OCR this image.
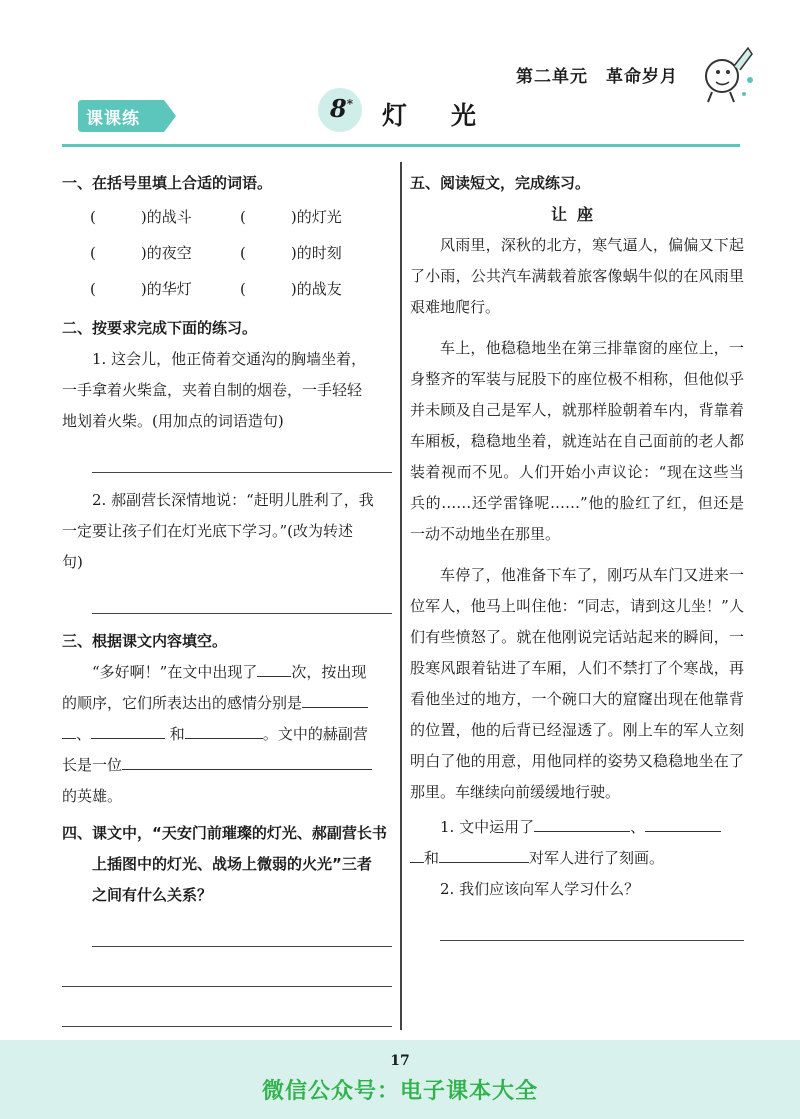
第二单元 革命岁月
课课练	8* 灯光
一、在括号里填上合适的词语。
(　　　)的战斗	(　　　)的灯光
(　　　)的夜空	(　　　)的时刻
(　　　)的华灯	(　　　)的战友
二、按要求完成下面的练习。
1. 这会儿，他正倚着交通沟的胸墙坐着，
一手拿着火柴盒，夹着自制的烟卷，一手轻轻
地划着火柴。(用加点的词语造句)
2. 郝副营长深情地说：“赶明儿胜利了，我
一定要让孩子们在灯光底下学习。”(改为转述
句)
三、根据课文内容填空。
“多好啊！”在文中出现了 次，按出现
的顺序，它们所表达出的感情分别是
、	和	。文中的赫副营
长是一位
的英雄。
四、课文中，“天安门前璀璨的灯光、郝副营长书
上插图中的灯光、战场上微弱的火光”三者
之间有什么关系？
五、阅读短文，完成练习。
让座

风雨里，深秋的北方，寒气逼人，偏偏又下起了小雨，公共汽车满载着旅客像蜗牛似的在风雨里艰难地爬行。

车上，他稳稳地坐在第三排靠窗的座位上，一身整齐的军装与屁股下的座位极不相称，但他似乎并未顾及自己是军人，就那样脸朝着车内，背靠着车厢板，稳稳地坐着，就连站在自己面前的老人都装着视而不见。人们开始小声议论：“现在这些当兵的……还学雷锋呢……”他的脸红了红，但还是一动不动地坐在那里。

车停了，他准备下车了，刚巧从车门又进来一位军人，他马上叫住他：“同志，请到这儿坐！”人们有些愤怒了。就在他刚说完话站起来的瞬间，一股寒风跟着钻进了车厢，人们不禁打了个寒战，再看他坐过的地方，一个碗口大的窟窿出现在他靠背的位置，他的后背已经湿透了。刚上车的军人立刻明白了他的用意，用他同样的姿势又稳稳地坐在了那里。车继续向前缓缓地行驶。

1. 文中运用了	、
和	对军人进行了刻画。
2. 我们应该向军人学习什么？
17
微信公众号：电子课本大全
